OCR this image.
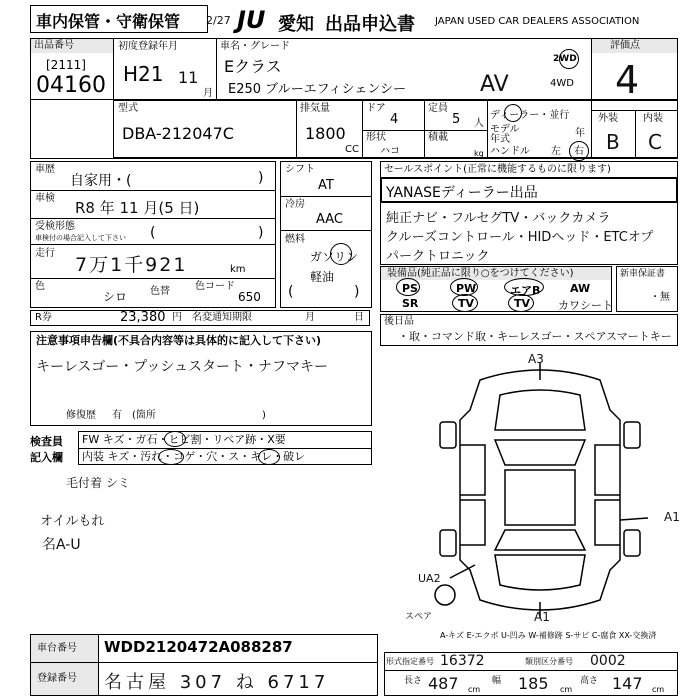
車内保管・守衛保管 2/27 JU 愛知 出品申込書 JAPAN USED CAR DEALERS ASSOCIATION
出品番号
[2111]
04160
初度登録年月
H21 11
月
車名・グレード
Eクラス
E250 ブルーエフィシェンシー	AV
2WD
4WD
評価点
4
型式
DBA-212047C
排気量
1800
CC
ドア
4
定員
5 人
形状
ハコ
積載
kg
ディーラー・並行
モデル
年式
年
ハンドル 左 右
外装	内装
B C
車歴
自家用・(	)
車検
R8 年 11 月(5 日)
受検形態
車検付の場合記入して下さい (	)
走行
7万1千921	km
色
シロ 色替	色コード
650
R券	23,380 円 名変通知期限	月	日
シフト
AT
冷房
AAC
燃料
ガソリン
軽油
(	)
セールスポイント(正常に機能するものに限ります)
YANASEディーラー出品
純正ナビ・フルセグTV・バックカメラ
クルーズコントロール・HIDヘッド・ETCオプ
パークトロニック
装備品(純正品に限り○をつけてください)
PS	PW	エアB	AW
SR	TV	TV	カワシート
新車保証書
・無
後日品
・取・コマンド取・キーレスゴー・スペアスマートキー
注意事項申告欄(不具合内容等は具体的に記入して下さい)
キーレスゴー・プッシュスタート・ナフマキー
修復歴 有 (箇所	)
検査員
記入欄
FW キズ・ガ石・ヒビ割・リペア跡・X要
内装 キズ・汚れ・コゲ・穴・ス・キレ・破レ
毛付着 シミ
オイルもれ
名A-U
A3
A1
A1
UA2
スペア
A-キズ E-エクボ U-凹み W-補修跡 S-サビ C-腐食 XX-交換済
車台番号	WDD2120472A088287
登録番号	名古屋 307 ね 6717
形式指定番号 16372	類別区分番号 0002
長さ 487 cm
幅 185 cm
高さ 147 cm
